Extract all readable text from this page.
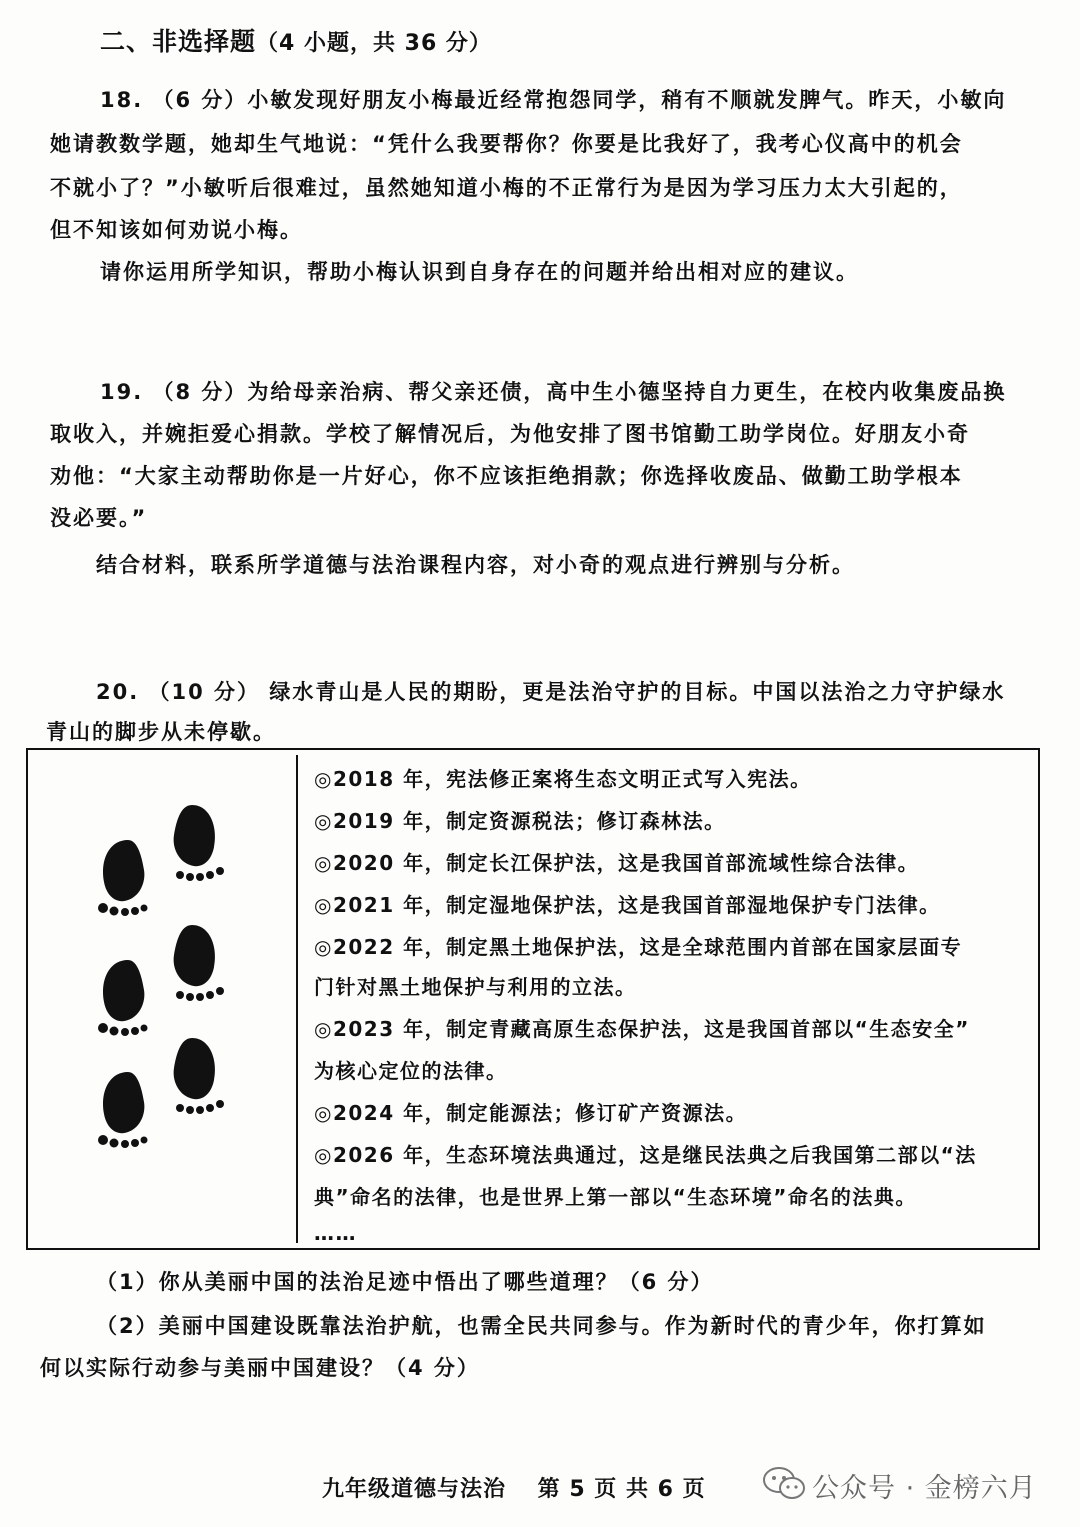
二、非选择题（4 小题，共 36 分）
18. （6 分）小敏发现好朋友小梅最近经常抱怨同学，稍有不顺就发脾气。昨天，小敏向
她请教数学题，她却生气地说：“凭什么我要帮你？你要是比我好了，我考心仪高中的机会
不就小了？”小敏听后很难过，虽然她知道小梅的不正常行为是因为学习压力太大引起的，
但不知该如何劝说小梅。
请你运用所学知识，帮助小梅认识到自身存在的问题并给出相对应的建议。
19. （8 分）为给母亲治病、帮父亲还债，高中生小德坚持自力更生，在校内收集废品换
取收入，并婉拒爱心捐款。学校了解情况后，为他安排了图书馆勤工助学岗位。好朋友小奇
劝他：“大家主动帮助你是一片好心，你不应该拒绝捐款；你选择收废品、做勤工助学根本
没必要。”
结合材料，联系所学道德与法治课程内容，对小奇的观点进行辨别与分析。
20. （10 分） 绿水青山是人民的期盼，更是法治守护的目标。中国以法治之力守护绿水
青山的脚步从未停歇。
◎2018 年，宪法修正案将生态文明正式写入宪法。
◎2019 年，制定资源税法；修订森林法。
◎2020 年，制定长江保护法，这是我国首部流域性综合法律。
◎2021 年，制定湿地保护法，这是我国首部湿地保护专门法律。
◎2022 年，制定黑土地保护法，这是全球范围内首部在国家层面专
门针对黑土地保护与利用的立法。
◎2023 年，制定青藏高原生态保护法，这是我国首部以“生态安全”
为核心定位的法律。
◎2024 年，制定能源法；修订矿产资源法。
◎2026 年，生态环境法典通过，这是继民法典之后我国第二部以“法
典”命名的法律，也是世界上第一部以“生态环境”命名的法典。
……
（1）你从美丽中国的法治足迹中悟出了哪些道理？（6 分）
（2）美丽中国建设既靠法治护航，也需全民共同参与。作为新时代的青少年，你打算如
何以实际行动参与美丽中国建设？（4 分）
九年级道德与法治　 第 5 页 共 6 页	公众号 · 金榜六月
